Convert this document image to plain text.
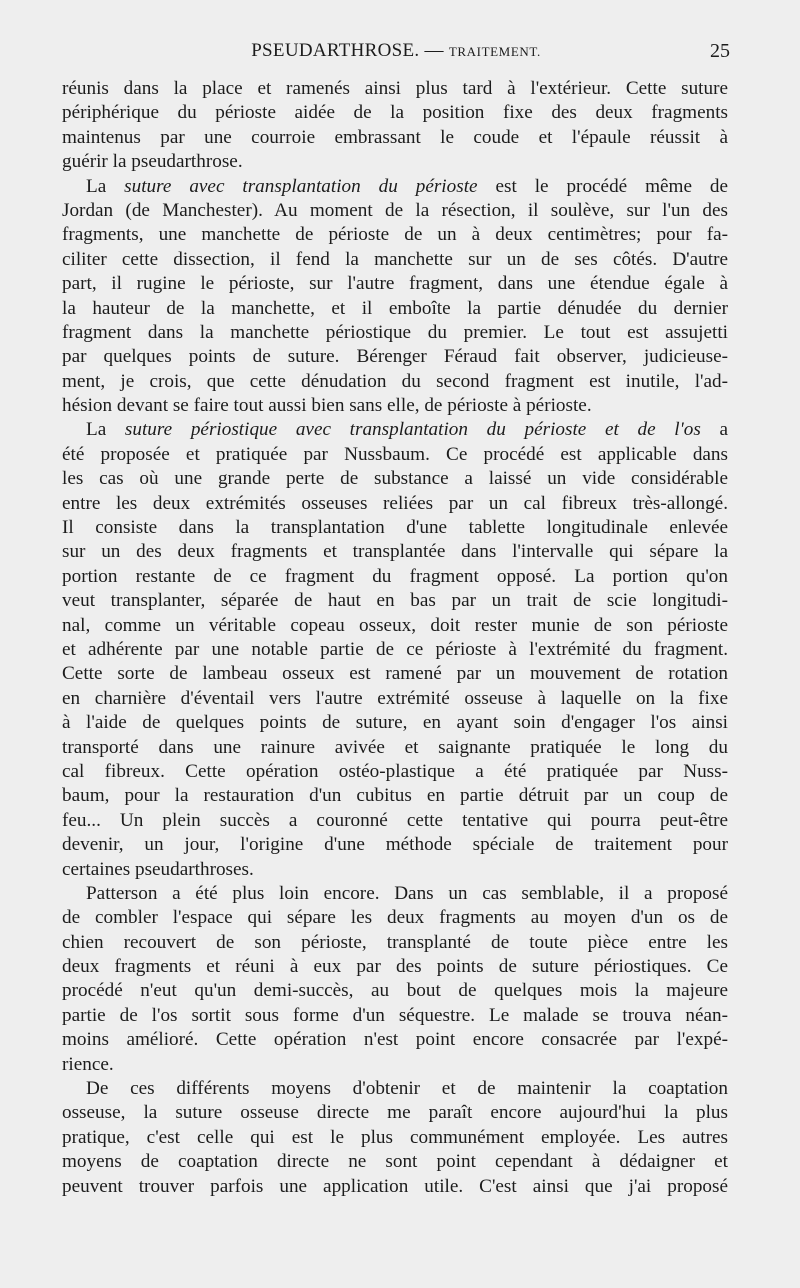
PSEUDARTHROSE. — TRAITEMENT.	25
réunis dans la place et ramenés ainsi plus tard à l'extérieur. Cette suture
périphérique du périoste aidée de la position fixe des deux fragments
maintenus par une courroie embrassant le coude et l'épaule réussit à
guérir la pseudarthrose.
La suture avec transplantation du périoste est le procédé même de
Jordan (de Manchester). Au moment de la résection, il soulève, sur l'un des
fragments, une manchette de périoste de un à deux centimètres; pour fa-
ciliter cette dissection, il fend la manchette sur un de ses côtés. D'autre
part, il rugine le périoste, sur l'autre fragment, dans une étendue égale à
la hauteur de la manchette, et il emboîte la partie dénudée du dernier
fragment dans la manchette périostique du premier. Le tout est assujetti
par quelques points de suture. Bérenger Féraud fait observer, judicieuse-
ment, je crois, que cette dénudation du second fragment est inutile, l'ad-
hésion devant se faire tout aussi bien sans elle, de périoste à périoste.
La suture périostique avec transplantation du périoste et de l'os a
été proposée et pratiquée par Nussbaum. Ce procédé est applicable dans
les cas où une grande perte de substance a laissé un vide considérable
entre les deux extrémités osseuses reliées par un cal fibreux très-allongé.
Il consiste dans la transplantation d'une tablette longitudinale enlevée
sur un des deux fragments et transplantée dans l'intervalle qui sépare la
portion restante de ce fragment du fragment opposé. La portion qu'on
veut transplanter, séparée de haut en bas par un trait de scie longitudi-
nal, comme un véritable copeau osseux, doit rester munie de son périoste
et adhérente par une notable partie de ce périoste à l'extrémité du fragment.
Cette sorte de lambeau osseux est ramené par un mouvement de rotation
en charnière d'éventail vers l'autre extrémité osseuse à laquelle on la fixe
à l'aide de quelques points de suture, en ayant soin d'engager l'os ainsi
transporté dans une rainure avivée et saignante pratiquée le long du
cal fibreux. Cette opération ostéo-plastique a été pratiquée par Nuss-
baum, pour la restauration d'un cubitus en partie détruit par un coup de
feu... Un plein succès a couronné cette tentative qui pourra peut-être
devenir, un jour, l'origine d'une méthode spéciale de traitement pour
certaines pseudarthroses.
Patterson a été plus loin encore. Dans un cas semblable, il a proposé
de combler l'espace qui sépare les deux fragments au moyen d'un os de
chien recouvert de son périoste, transplanté de toute pièce entre les
deux fragments et réuni à eux par des points de suture périostiques. Ce
procédé n'eut qu'un demi-succès, au bout de quelques mois la majeure
partie de l'os sortit sous forme d'un séquestre. Le malade se trouva néan-
moins amélioré. Cette opération n'est point encore consacrée par l'expé-
rience.
De ces différents moyens d'obtenir et de maintenir la coaptation
osseuse, la suture osseuse directe me paraît encore aujourd'hui la plus
pratique, c'est celle qui est le plus communément employée. Les autres
moyens de coaptation directe ne sont point cependant à dédaigner et
peuvent trouver parfois une application utile. C'est ainsi que j'ai proposé
